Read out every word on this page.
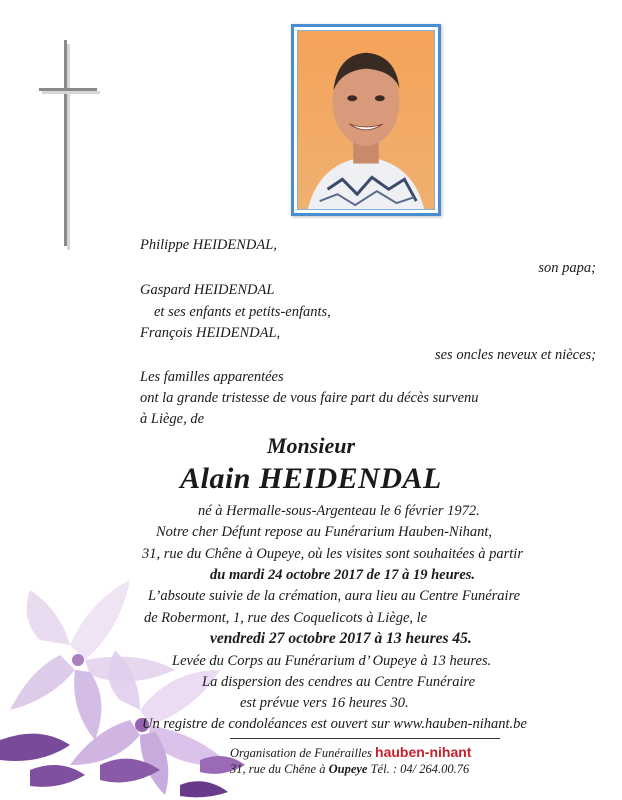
Philippe HEIDENDAL,
son papa;
Gaspard HEIDENDAL
et ses enfants et petits-enfants,
François HEIDENDAL,
ses oncles neveux et nièces;
Les familles apparentées
ont la grande tristesse de vous faire part du décès survenu
à Liège, de
Monsieur
Alain HEIDENDAL
né à Hermalle-sous-Argenteau le 6 février 1972.
Notre cher Défunt repose au Funérarium Hauben-Nihant,
31, rue du Chêne à Oupeye, où les visites sont souhaitées à partir
du mardi 24 octobre 2017 de 17 à 19 heures.
L’absoute suivie de la crémation, aura lieu au Centre Funéraire
de Robermont, 1, rue des Coquelicots à Liège, le
vendredi 27 octobre 2017 à 13 heures 45.
Levée du Corps au Funérarium d’ Oupeye à 13 heures.
La dispersion des cendres au Centre Funéraire
est prévue vers 16 heures 30.
Un registre de condoléances est ouvert sur www.hauben-nihant.be
Organisation de Funérailles hauben-nihant
31, rue du Chêne à Oupeye Tél. : 04/ 264.00.76
